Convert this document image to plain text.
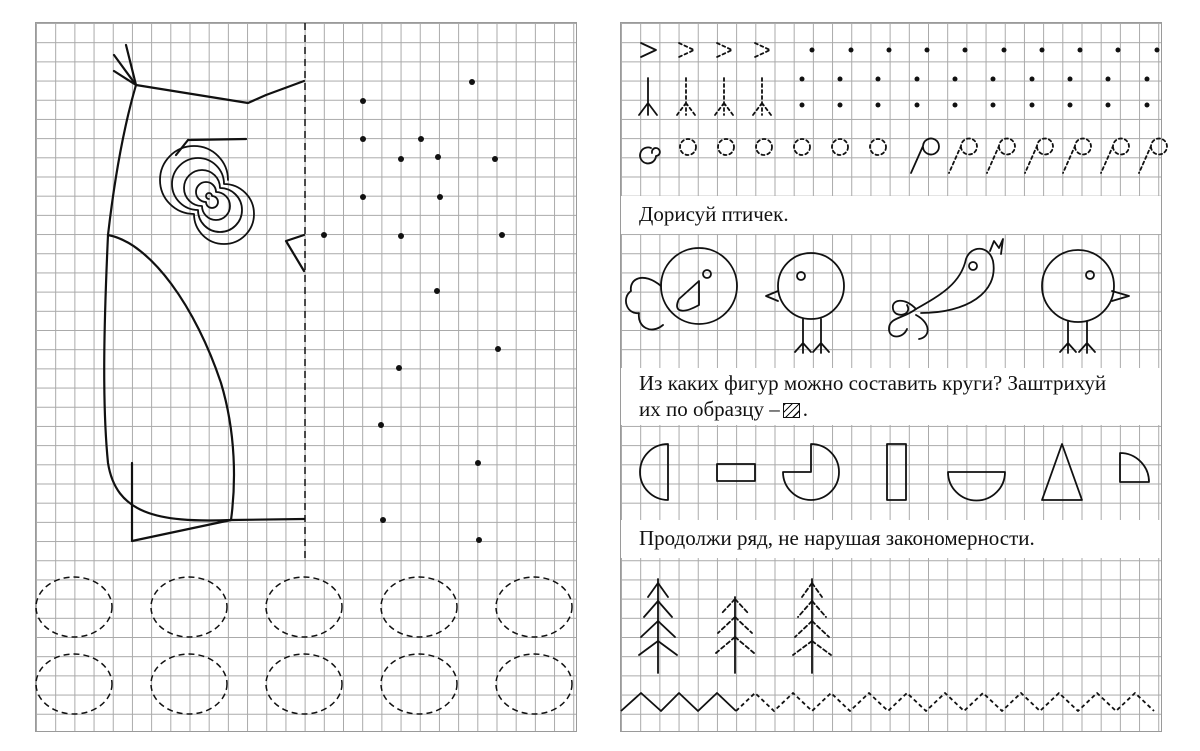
Дорисуй птичек.

Из каких фигур можно составить круги? Заштрихуй

их по образцу – .

Продолжи ряд, не нарушая закономерности.
